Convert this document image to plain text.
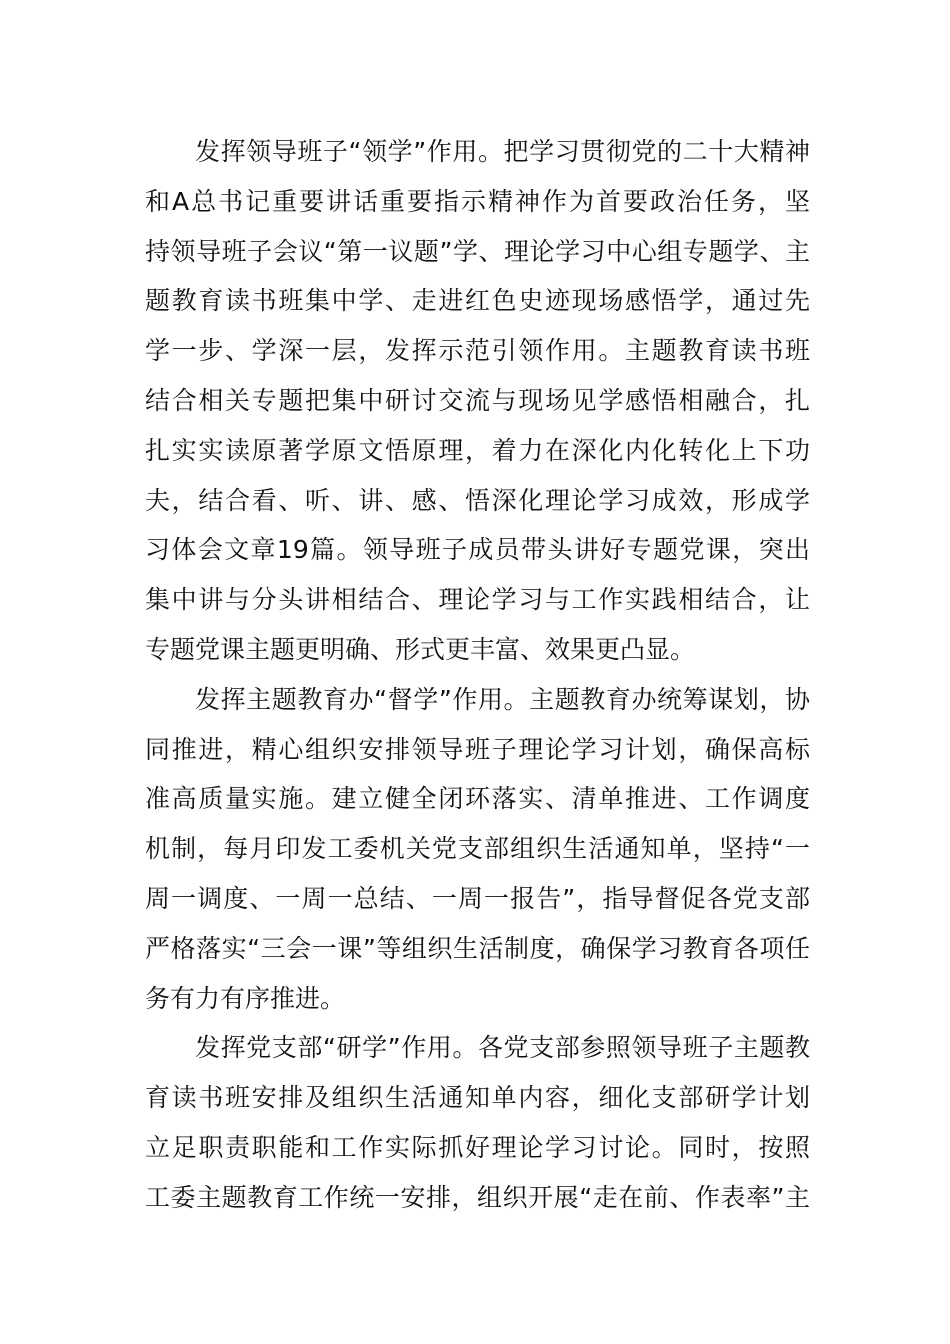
发挥领导班子“领学”作用。把学习贯彻党的二十大精神
和A总书记重要讲话重要指示精神作为首要政治任务，坚
持领导班子会议“第一议题”学、理论学习中心组专题学、主
题教育读书班集中学、走进红色史迹现场感悟学，通过先
学一步、学深一层，发挥示范引领作用。主题教育读书班
结合相关专题把集中研讨交流与现场见学感悟相融合，扎
扎实实读原著学原文悟原理，着力在深化内化转化上下功
夫，结合看、听、讲、感、悟深化理论学习成效，形成学
习体会文章19篇。领导班子成员带头讲好专题党课，突出
集中讲与分头讲相结合、理论学习与工作实践相结合，让
专题党课主题更明确、形式更丰富、效果更凸显。
发挥主题教育办“督学”作用。主题教育办统筹谋划，协
同推进，精心组织安排领导班子理论学习计划，确保高标
准高质量实施。建立健全闭环落实、清单推进、工作调度
机制，每月印发工委机关党支部组织生活通知单，坚持“一
周一调度、一周一总结、一周一报告”，指导督促各党支部
严格落实“三会一课”等组织生活制度，确保学习教育各项任
务有力有序推进。
发挥党支部“研学”作用。各党支部参照领导班子主题教
育读书班安排及组织生活通知单内容，细化支部研学计划
立足职责职能和工作实际抓好理论学习讨论。同时，按照
工委主题教育工作统一安排，组织开展“走在前、作表率”主
